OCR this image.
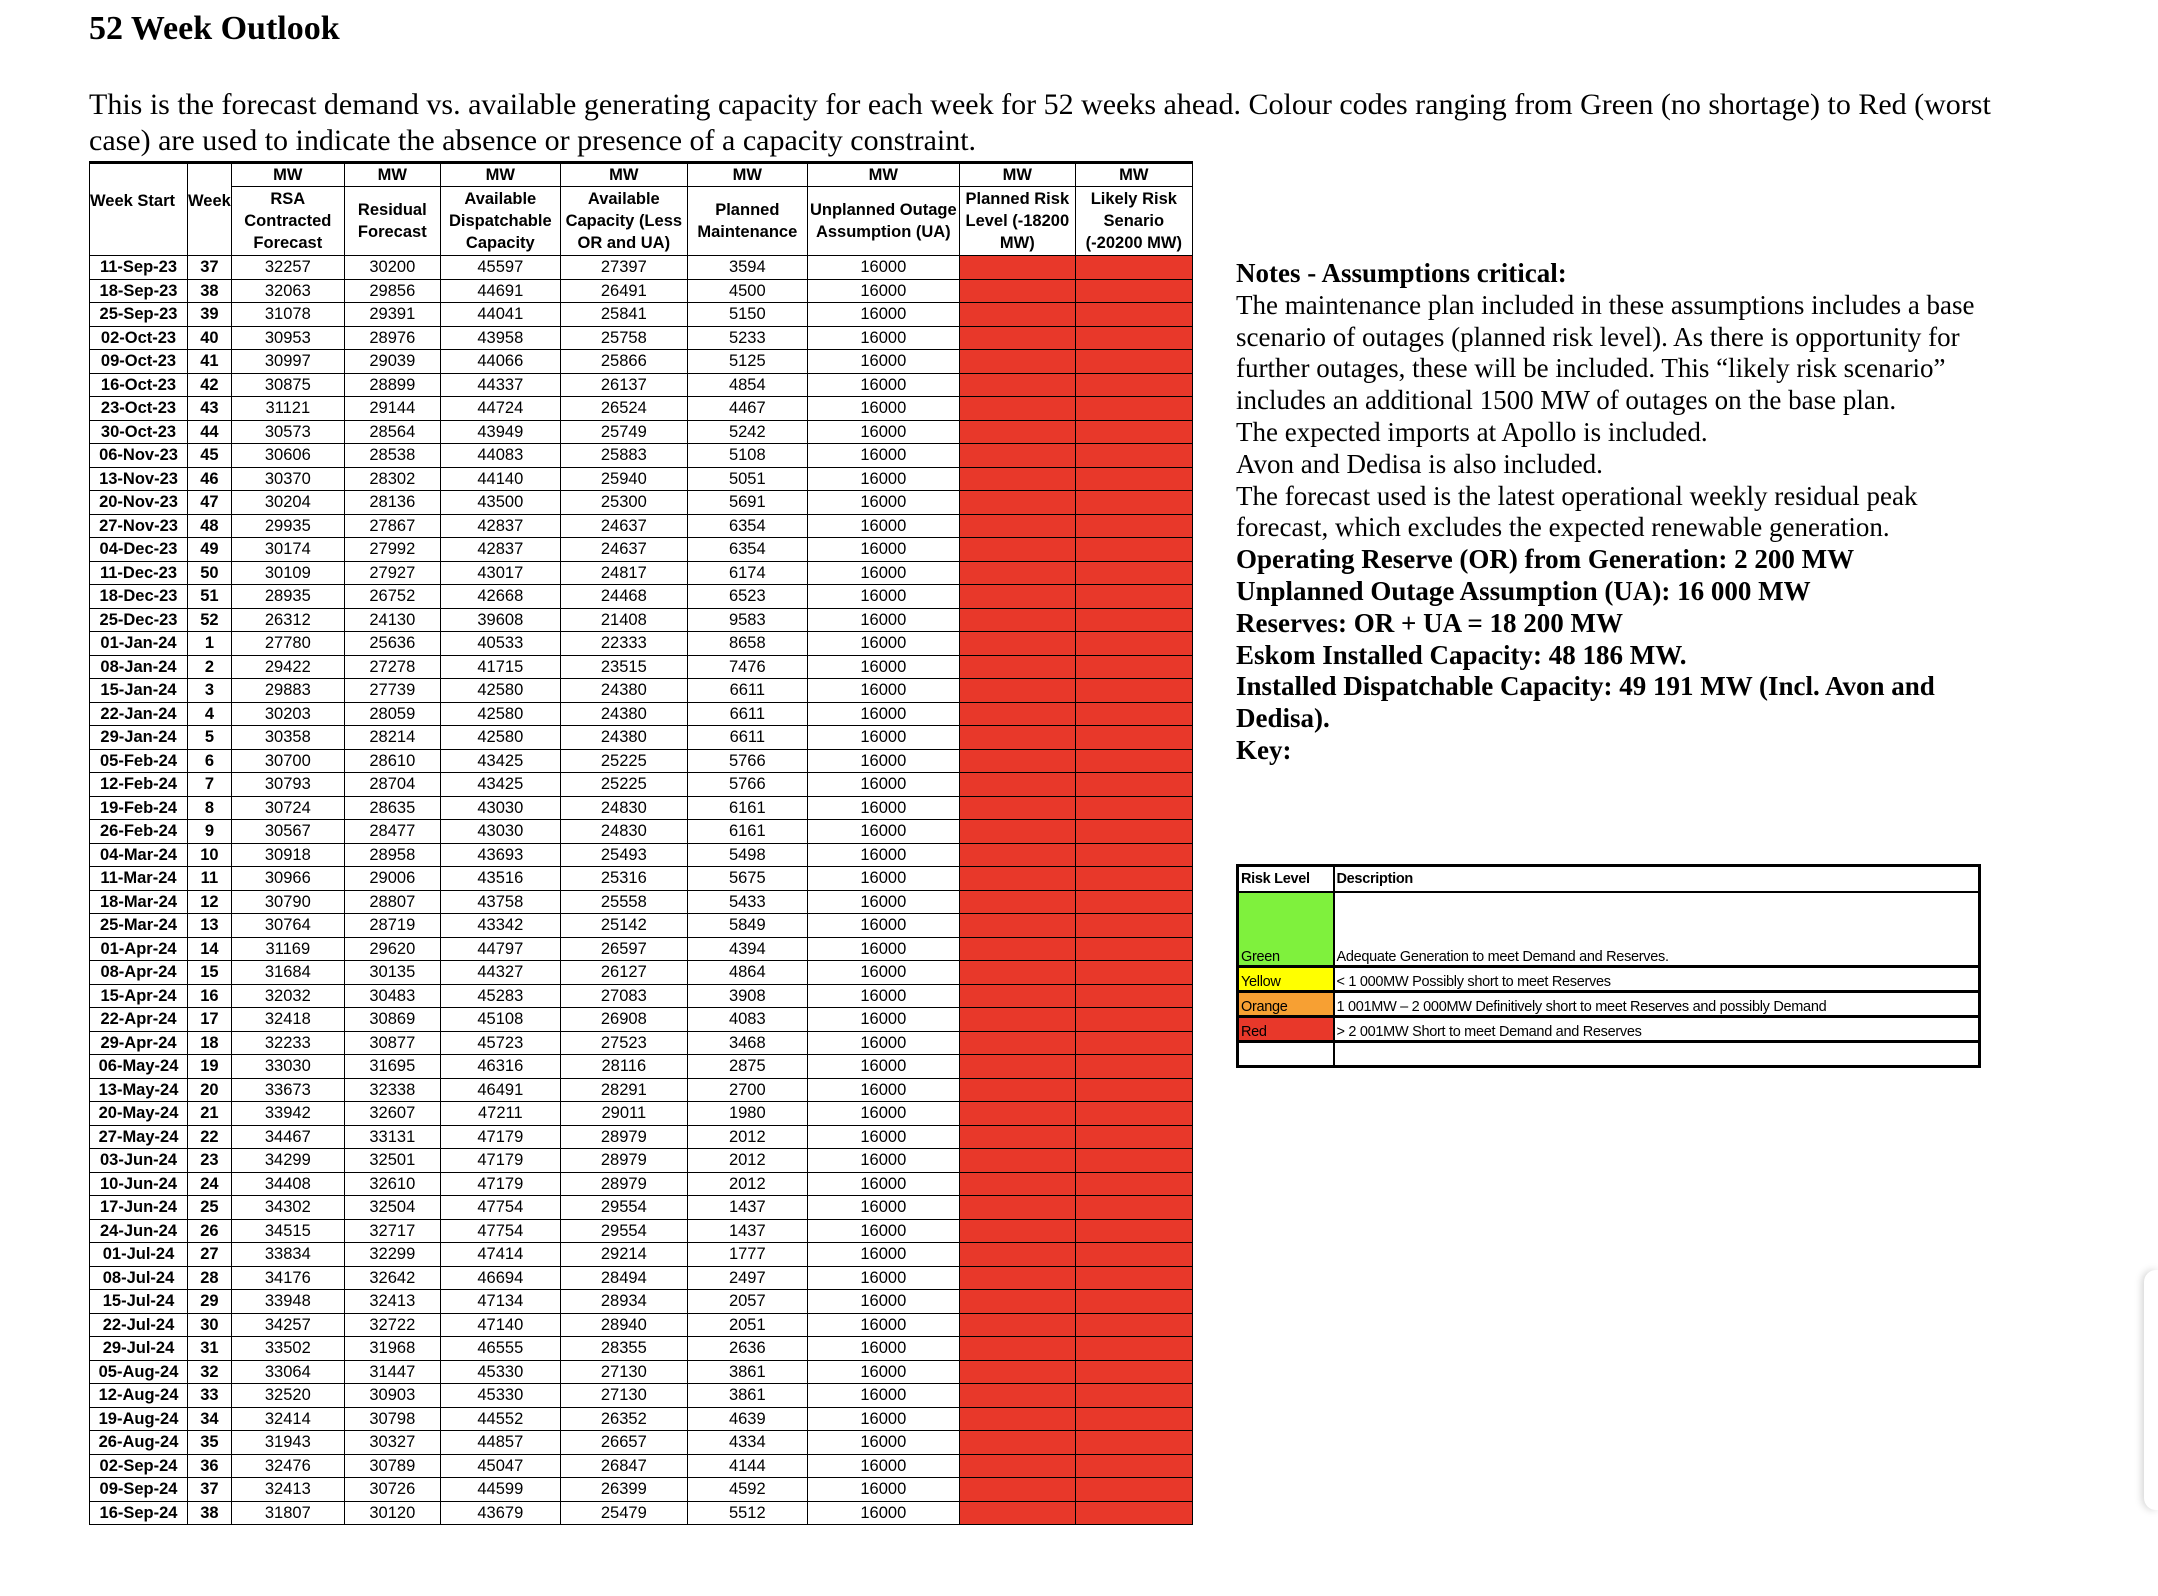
52 Week Outlook

This is the forecast demand vs. available generating capacity for each week for 52 weeks ahead. Colour codes ranging from Green (no shortage) to Red (worst case) are used to indicate the absence or presence of a capacity constraint.

Week Start	Week	MW	MW	MW	MW	MW	MW	MW	MW
		RSA Contracted Forecast	Residual Forecast	Available Dispatchable Capacity	Available Capacity (Less OR and UA)	Planned Maintenance	Unplanned Outage Assumption (UA)	Planned Risk Level (-18200 MW)	Likely Risk Senario (-20200 MW)
11-Sep-23	37	32257	30200	45597	27397	3594	16000		
18-Sep-23	38	32063	29856	44691	26491	4500	16000		
25-Sep-23	39	31078	29391	44041	25841	5150	16000		
02-Oct-23	40	30953	28976	43958	25758	5233	16000		
09-Oct-23	41	30997	29039	44066	25866	5125	16000		
16-Oct-23	42	30875	28899	44337	26137	4854	16000		
23-Oct-23	43	31121	29144	44724	26524	4467	16000		
30-Oct-23	44	30573	28564	43949	25749	5242	16000		
06-Nov-23	45	30606	28538	44083	25883	5108	16000		
13-Nov-23	46	30370	28302	44140	25940	5051	16000		
20-Nov-23	47	30204	28136	43500	25300	5691	16000		
27-Nov-23	48	29935	27867	42837	24637	6354	16000		
04-Dec-23	49	30174	27992	42837	24637	6354	16000		
11-Dec-23	50	30109	27927	43017	24817	6174	16000		
18-Dec-23	51	28935	26752	42668	24468	6523	16000		
25-Dec-23	52	26312	24130	39608	21408	9583	16000		
01-Jan-24	1	27780	25636	40533	22333	8658	16000		
08-Jan-24	2	29422	27278	41715	23515	7476	16000		
15-Jan-24	3	29883	27739	42580	24380	6611	16000		
22-Jan-24	4	30203	28059	42580	24380	6611	16000		
29-Jan-24	5	30358	28214	42580	24380	6611	16000		
05-Feb-24	6	30700	28610	43425	25225	5766	16000		
12-Feb-24	7	30793	28704	43425	25225	5766	16000		
19-Feb-24	8	30724	28635	43030	24830	6161	16000		
26-Feb-24	9	30567	28477	43030	24830	6161	16000		
04-Mar-24	10	30918	28958	43693	25493	5498	16000		
11-Mar-24	11	30966	29006	43516	25316	5675	16000		
18-Mar-24	12	30790	28807	43758	25558	5433	16000		
25-Mar-24	13	30764	28719	43342	25142	5849	16000		
01-Apr-24	14	31169	29620	44797	26597	4394	16000		
08-Apr-24	15	31684	30135	44327	26127	4864	16000		
15-Apr-24	16	32032	30483	45283	27083	3908	16000		
22-Apr-24	17	32418	30869	45108	26908	4083	16000		
29-Apr-24	18	32233	30877	45723	27523	3468	16000		
06-May-24	19	33030	31695	46316	28116	2875	16000		
13-May-24	20	33673	32338	46491	28291	2700	16000		
20-May-24	21	33942	32607	47211	29011	1980	16000		
27-May-24	22	34467	33131	47179	28979	2012	16000		
03-Jun-24	23	34299	32501	47179	28979	2012	16000		
10-Jun-24	24	34408	32610	47179	28979	2012	16000		
17-Jun-24	25	34302	32504	47754	29554	1437	16000		
24-Jun-24	26	34515	32717	47754	29554	1437	16000		
01-Jul-24	27	33834	32299	47414	29214	1777	16000		
08-Jul-24	28	34176	32642	46694	28494	2497	16000		
15-Jul-24	29	33948	32413	47134	28934	2057	16000		
22-Jul-24	30	34257	32722	47140	28940	2051	16000		
29-Jul-24	31	33502	31968	46555	28355	2636	16000		
05-Aug-24	32	33064	31447	45330	27130	3861	16000		
12-Aug-24	33	32520	30903	45330	27130	3861	16000		
19-Aug-24	34	32414	30798	44552	26352	4639	16000		
26-Aug-24	35	31943	30327	44857	26657	4334	16000		
02-Sep-24	36	32476	30789	45047	26847	4144	16000		
09-Sep-24	37	32413	30726	44599	26399	4592	16000		
16-Sep-24	38	31807	30120	43679	25479	5512	16000		

Notes - Assumptions critical:

The maintenance plan included in these assumptions includes a base scenario of outages (planned risk level). As there is opportunity for further outages, these will be included. This “likely risk scenario” includes an additional 1500 MW of outages on the base plan.

The expected imports at Apollo is included.

Avon and Dedisa is also included.

The forecast used is the latest operational weekly residual peak forecast, which excludes the expected renewable generation.

Operating Reserve (OR) from Generation: 2 200 MW

Unplanned Outage Assumption (UA): 16 000 MW

Reserves: OR + UA = 18 200 MW

Eskom Installed Capacity: 48 186 MW.

Installed Dispatchable Capacity: 49 191 MW (Incl. Avon and Dedisa).

Key:

Risk Level	Description
Green	Adequate Generation to meet Demand and Reserves.
Yellow	< 1 000MW Possibly short to meet Reserves
Orange	1 001MW – 2 000MW Definitively short to meet Reserves and possibly Demand
Red	> 2 001MW Short to meet Demand and Reserves
